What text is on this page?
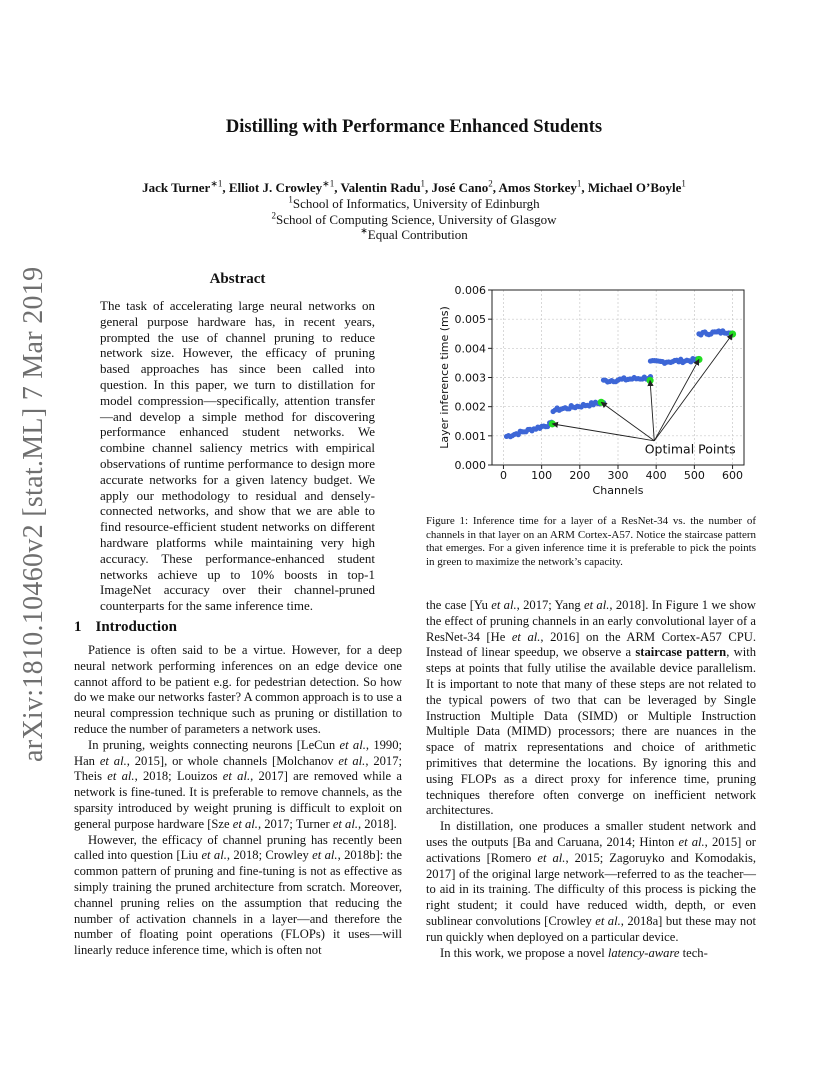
arXiv:1810.10460v2 [stat.ML] 7 Mar 2019
Distilling with Performance Enhanced Students
Jack Turner$^{∗1}$, Elliot J. Crowley$^{∗1}$, Valentin Radu$^1$, José Cano$^2$, Amos Storkey$^1$, Michael O’Boyle$^1$
$^1$School of Informatics, University of Edinburgh
$^2$School of Computing Science, University of Glasgow
∗Equal Contribution
Abstract
The task of accelerating large neural networks on general purpose hardware has, in recent years, prompted the use of channel pruning to reduce network size. However, the efficacy of pruning based approaches has since been called into question. In this paper, we turn to distillation for model compression—specifically, attention transfer—and develop a simple method for discovering performance enhanced student networks. We combine channel saliency metrics with empirical observations of runtime performance to design more accurate networks for a given latency budget. We apply our methodology to residual and densely-connected networks, and show that we are able to find resource-efficient student networks on different hardware platforms while maintaining very high accuracy. These performance-enhanced student networks achieve up to 10% boosts in top-1 ImageNet accuracy over their channel-pruned counterparts for the same inference time.
1 Introduction

Patience is often said to be a virtue. However, for a deep neural network performing inferences on an edge device one cannot afford to be patient e.g. for pedestrian detection. So how do we make our networks faster? A common approach is to use a neural compression technique such as pruning or distillation to reduce the number of parameters a network uses.

In pruning, weights connecting neurons [LeCun et al., 1990; Han et al., 2015], or whole channels [Molchanov et al., 2017; Theis et al., 2018; Louizos et al., 2017] are removed while a network is fine-tuned. It is preferable to remove channels, as the sparsity introduced by weight pruning is difficult to exploit on general purpose hardware [Sze et al., 2017; Turner et al., 2018].

However, the efficacy of channel pruning has recently been called into question [Liu et al., 2018; Crowley et al., 2018b]: the common pattern of pruning and fine-tuning is not as effective as simply training the pruned architecture from scratch. Moreover, channel pruning relies on the assumption that reducing the number of activation channels in a layer—and therefore the number of floating point operations (FLOPs) it uses—will linearly reduce inference time, which is often not

the case [Yu et al., 2017; Yang et al., 2018]. In Figure 1 we show the effect of pruning channels in an early convolutional layer of a ResNet-34 [He et al., 2016] on the ARM Cortex-A57 CPU. Instead of linear speedup, we observe a staircase pattern, with steps at points that fully utilise the available device parallelism. It is important to note that many of these steps are not related to the typical powers of two that can be leveraged by Single Instruction Multiple Data (SIMD) or Multiple Instruction Multiple Data (MIMD) processors; there are nuances in the space of matrix representations and choice of arithmetic primitives that determine the locations. By ignoring this and using FLOPs as a direct proxy for inference time, pruning techniques therefore often converge on inefficient network architectures.

In distillation, one produces a smaller student network and uses the outputs [Ba and Caruana, 2014; Hinton et al., 2015] or activations [Romero et al., 2015; Zagoruyko and Komodakis, 2017] of the original large network—referred to as the teacher—to aid in its training. The difficulty of this process is picking the right student; it could have reduced width, depth, or even sublinear convolutions [Crowley et al., 2018a] but these may not run quickly when deployed on a particular device.

In this work, we propose a novel latency-aware tech-

0 100 200 300 400 500 600
0.000
0.001
0.002
0.003
0.004
0.005
0.006
Channels
Layer inference time (ms)
Optimal Points
Figure 1: Inference time for a layer of a ResNet-34 vs. the number of channels in that layer on an ARM Cortex-A57. Notice the staircase pattern that emerges. For a given inference time it is preferable to pick the points in green to maximize the network’s capacity.
